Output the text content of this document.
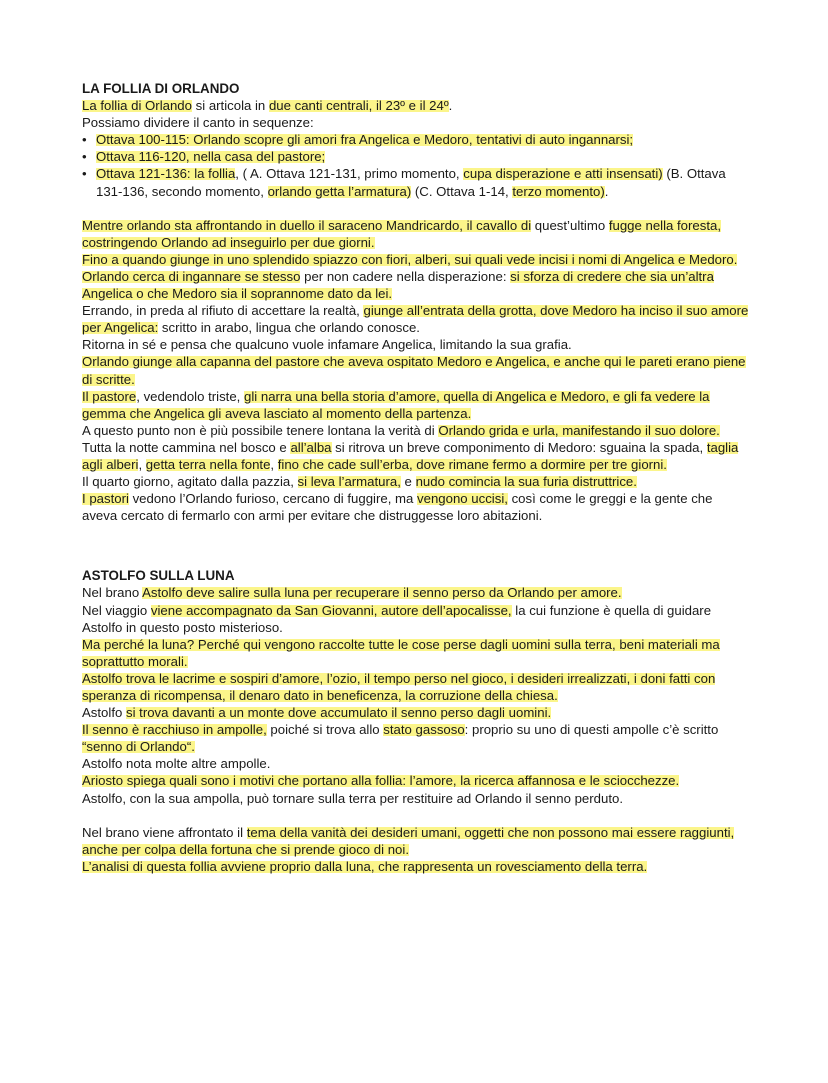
LA FOLLIA DI ORLANDO

La follia di Orlando si articola in due canti centrali, il 23º e il 24º.

Possiamo dividere il canto in sequenze:

• Ottava 100-115: Orlando scopre gli amori fra Angelica e Medoro, tentativi di auto ingannarsi;
• Ottava 116-120, nella casa del pastore;
• Ottava 121-136: la follia, ( A. Ottava 121-131, primo momento, cupa disperazione e atti insensati) (B. Ottava 131-136, secondo momento, orlando getta l’armatura) (C. Ottava 1-14, terzo momento).

Mentre orlando sta affrontando in duello il saraceno Mandricardo, il cavallo di quest’ultimo fugge nella foresta, costringendo Orlando ad inseguirlo per due giorni.

Fino a quando giunge in uno splendido spiazzo con fiori, alberi, sui quali vede incisi i nomi di Angelica e Medoro.

Orlando cerca di ingannare se stesso per non cadere nella disperazione: si sforza di credere che sia un’altra Angelica o che Medoro sia il soprannome dato da lei.

Errando, in preda al rifiuto di accettare la realtà, giunge all’entrata della grotta, dove Medoro ha inciso il suo amore per Angelica: scritto in arabo, lingua che orlando conosce.

Ritorna in sé e pensa che qualcuno vuole infamare Angelica, limitando la sua grafia.

Orlando giunge alla capanna del pastore che aveva ospitato Medoro e Angelica, e anche qui le pareti erano piene di scritte.

Il pastore, vedendolo triste, gli narra una bella storia d’amore, quella di Angelica e Medoro, e gli fa vedere la gemma che Angelica gli aveva lasciato al momento della partenza.

A questo punto non è più possibile tenere lontana la verità di Orlando grida e urla, manifestando il suo dolore.

Tutta la notte cammina nel bosco e all’alba si ritrova un breve componimento di Medoro: sguaina la spada, taglia agli alberi, getta terra nella fonte, fino che cade sull’erba, dove rimane fermo a dormire per tre giorni.

Il quarto giorno, agitato dalla pazzia, si leva l’armatura, e nudo comincia la sua furia distruttrice.

I pastori vedono l’Orlando furioso, cercano di fuggire, ma vengono uccisi, così come le greggi e la gente che aveva cercato di fermarlo con armi per evitare che distruggesse loro abitazioni.

ASTOLFO SULLA LUNA

Nel brano Astolfo deve salire sulla luna per recuperare il senno perso da Orlando per amore.

Nel viaggio viene accompagnato da San Giovanni, autore dell’apocalisse, la cui funzione è quella di guidare Astolfo in questo posto misterioso.

Ma perché la luna? Perché qui vengono raccolte tutte le cose perse dagli uomini sulla terra, beni materiali ma soprattutto morali.

Astolfo trova le lacrime e sospiri d’amore, l’ozio, il tempo perso nel gioco, i desideri irrealizzati, i doni fatti con speranza di ricompensa, il denaro dato in beneficenza, la corruzione della chiesa.

Astolfo si trova davanti a un monte dove accumulato il senno perso dagli uomini.

Il senno è racchiuso in ampolle, poiché si trova allo stato gassoso: proprio su uno di questi ampolle c’è scritto “senno di Orlando“.

Astolfo nota molte altre ampolle.

Ariosto spiega quali sono i motivi che portano alla follia: l’amore, la ricerca affannosa e le sciocchezze.

Astolfo, con la sua ampolla, può tornare sulla terra per restituire ad Orlando il senno perduto.

Nel brano viene affrontato il tema della vanità dei desideri umani, oggetti che non possono mai essere raggiunti, anche per colpa della fortuna che si prende gioco di noi.

L’analisi di questa follia avviene proprio dalla luna, che rappresenta un rovesciamento della terra.
